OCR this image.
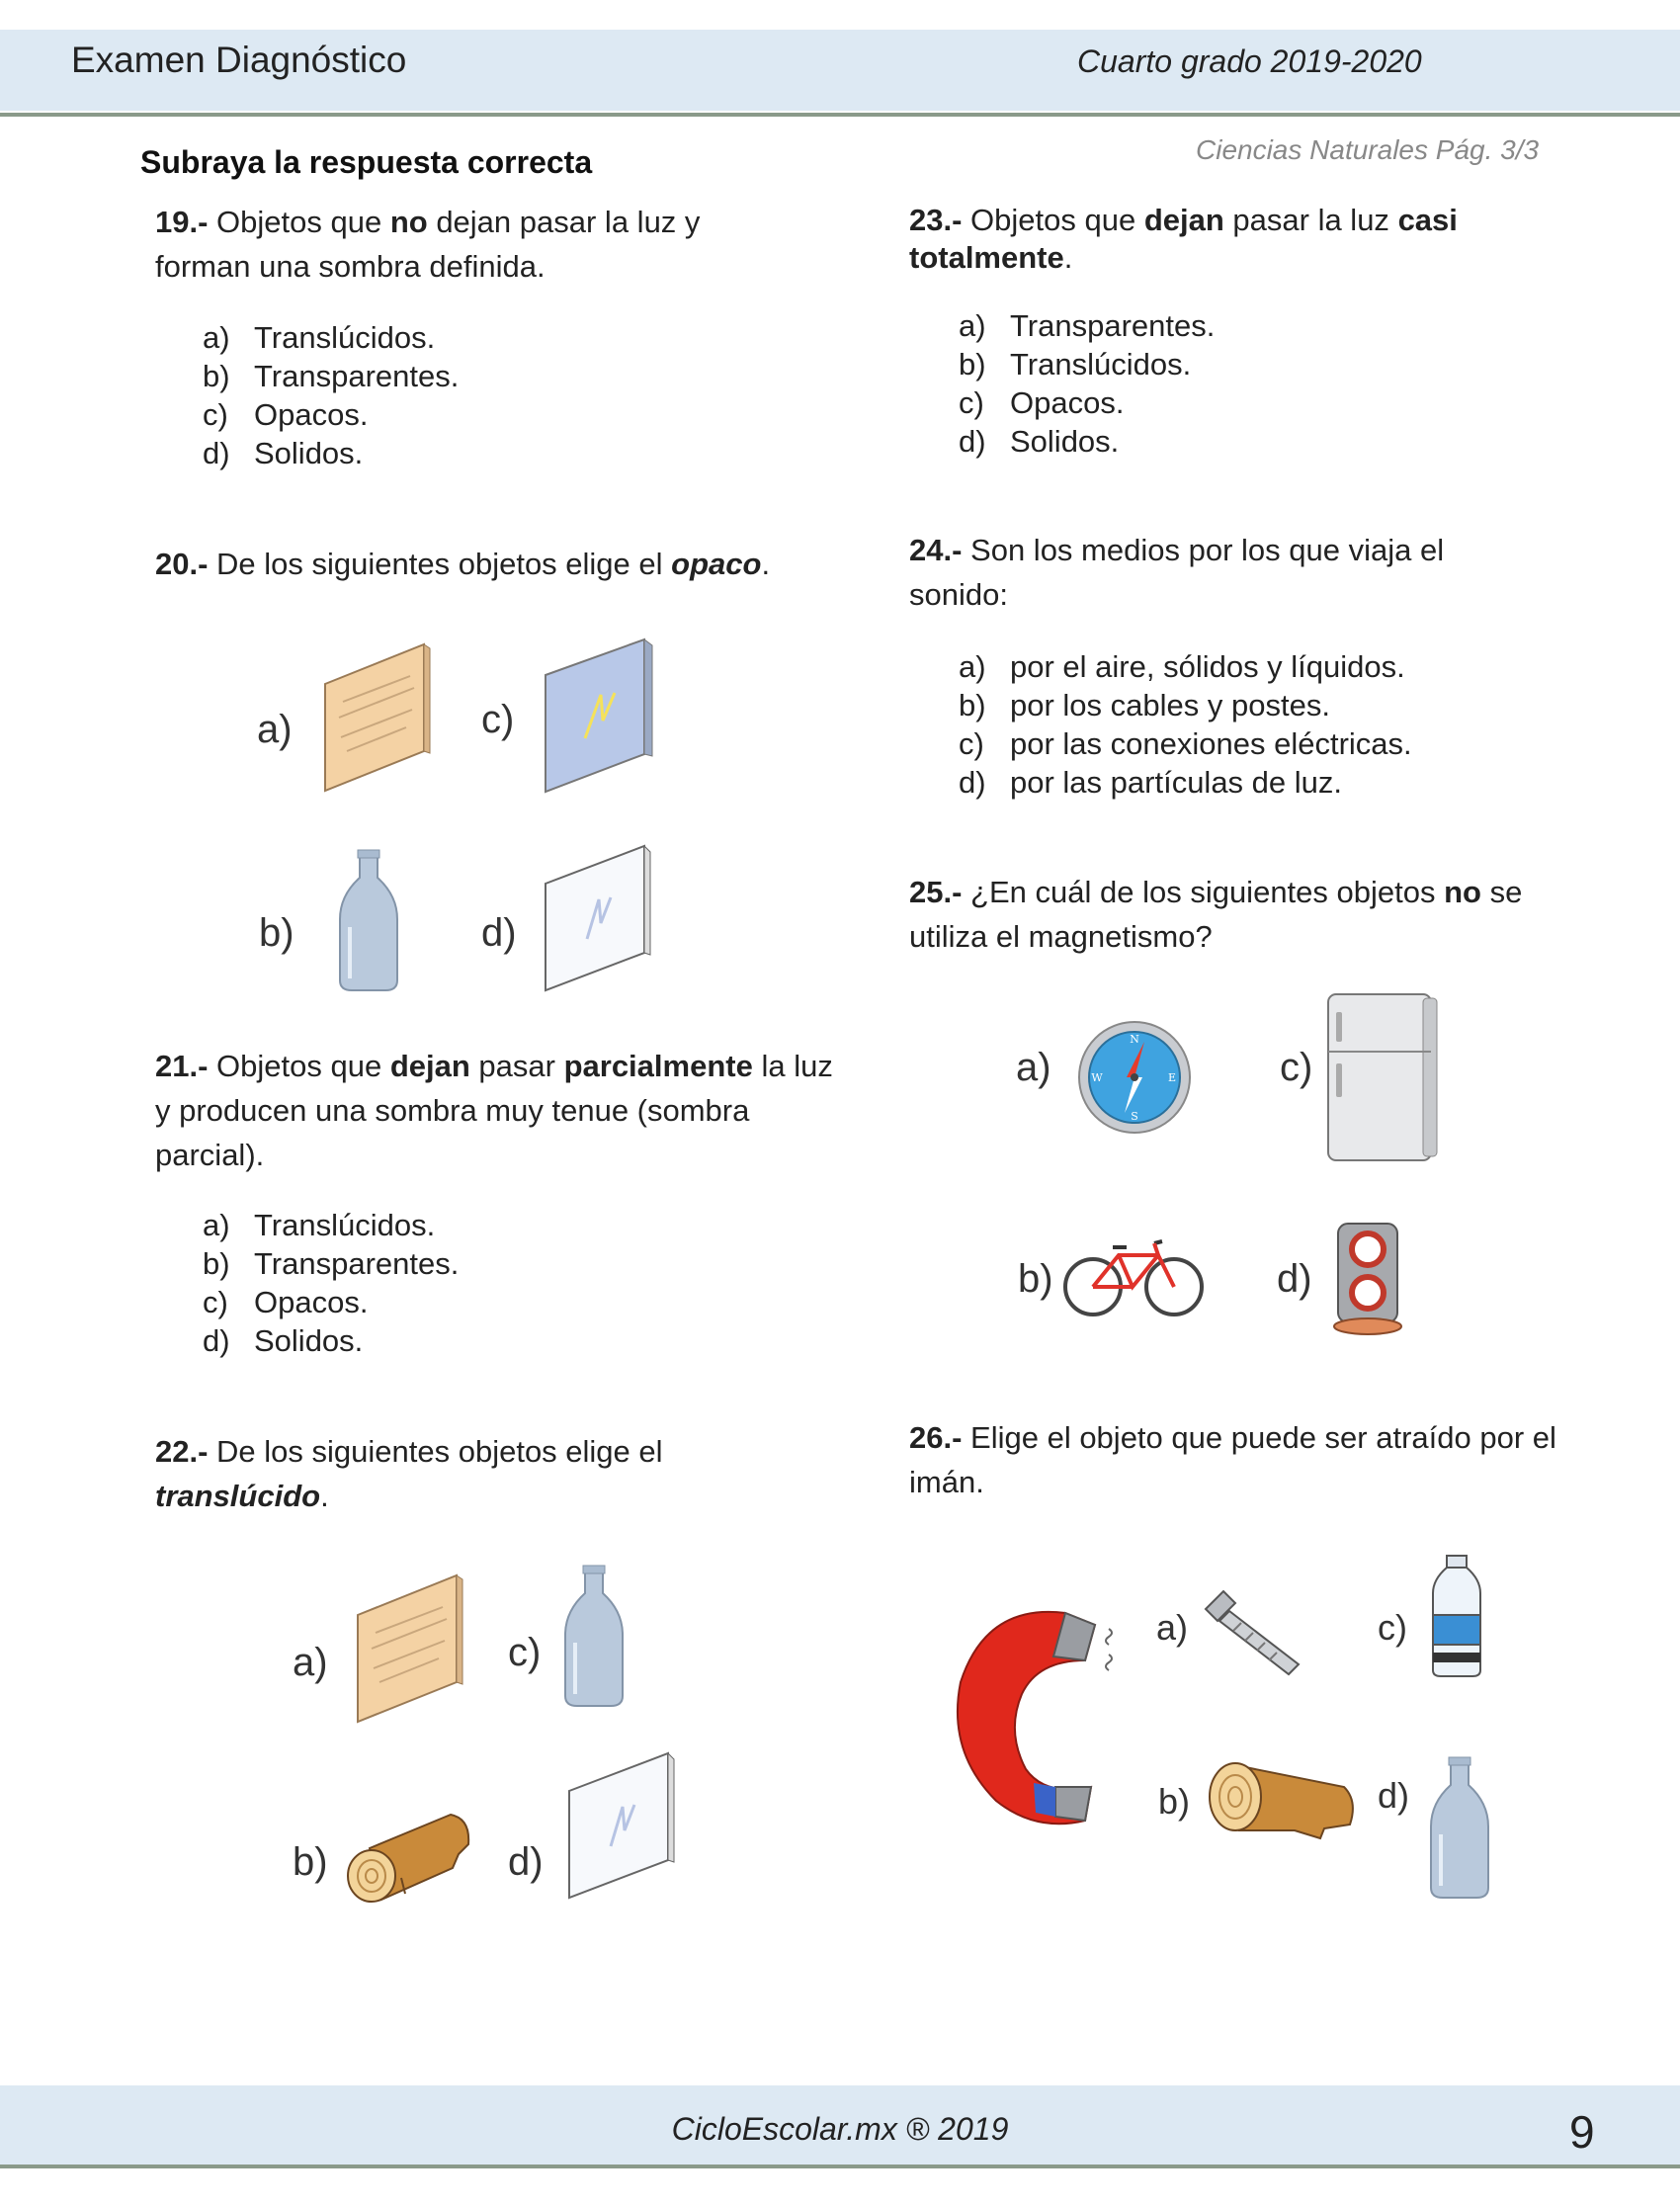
Examen Diagnóstico	Cuarto grado 2019-2020
Ciencias Naturales Pág. 3/3
Subraya la respuesta correcta
19.- Objetos que no dejan pasar la luz y forman una sombra definida.
a) Translúcidos.
b) Transparentes.
c) Opacos.
d) Solidos.
20.- De los siguientes objetos elige el opaco.
a)	c)
b)	d)
21.- Objetos que dejan pasar parcialmente la luz y producen una sombra muy tenue (sombra parcial).
a) Translúcidos.
b) Transparentes.
c) Opacos.
d) Solidos.
22.- De los siguientes objetos elige el translúcido.
a)	c)
b)	d)
23.- Objetos que dejan pasar la luz casi totalmente.
a) Transparentes.
b) Translúcidos.
c) Opacos.
d) Solidos.
24.- Son los medios por los que viaja el sonido:
a) por el aire, sólidos y líquidos.
b) por los cables y postes.
c) por las conexiones eléctricas.
d) por las partículas de luz.
25.- ¿En cuál de los siguientes objetos no se utiliza el magnetismo?
a)	c)
b)	d)
N
E
S
W
26.- Elige el objeto que puede ser atraído por el imán.
a)	c)
b)	d)
CicloEscolar.mx ® 2019	9
